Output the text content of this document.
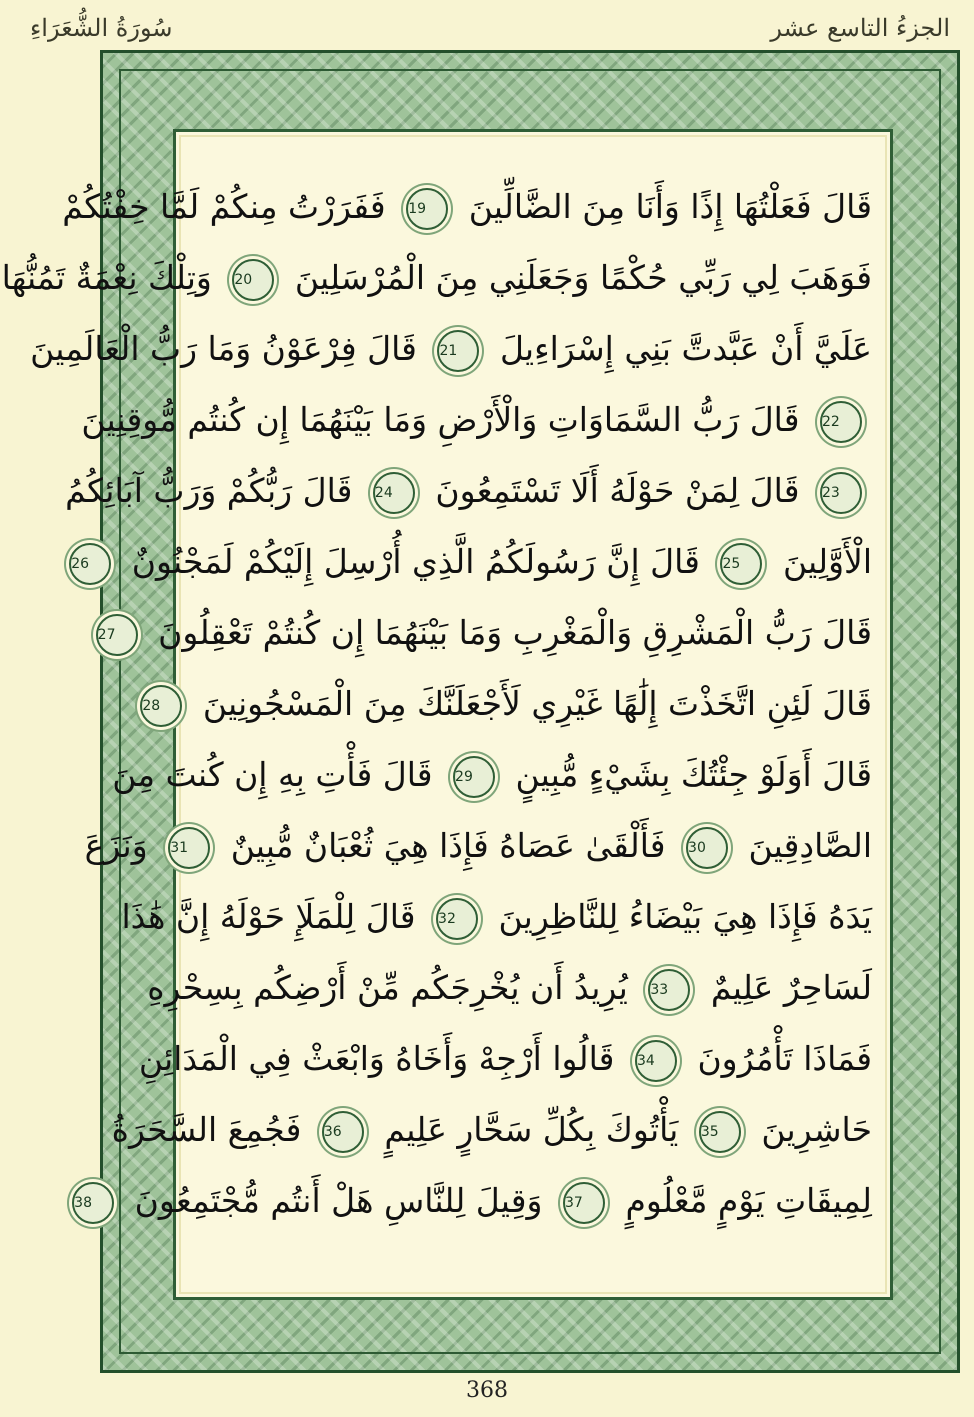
سُورَةُ الشُّعَرَاءِ	الجزءُ التاسع عشر
قَالَ فَعَلْتُهَا إِذًا وَأَنَا مِنَ الضَّالِّينَ 19 فَفَرَرْتُ مِنكُمْ لَمَّا خِفْتُكُمْ
فَوَهَبَ لِي رَبِّي حُكْمًا وَجَعَلَنِي مِنَ الْمُرْسَلِينَ 20 وَتِلْكَ نِعْمَةٌ تَمُنُّهَا
عَلَيَّ أَنْ عَبَّدتَّ بَنِي إِسْرَاءِيلَ 21 قَالَ فِرْعَوْنُ وَمَا رَبُّ الْعَالَمِينَ
22 قَالَ رَبُّ السَّمَاوَاتِ وَالْأَرْضِ وَمَا بَيْنَهُمَا إِن كُنتُم مُّوقِنِينَ
23 قَالَ لِمَنْ حَوْلَهُ أَلَا تَسْتَمِعُونَ 24 قَالَ رَبُّكُمْ وَرَبُّ آبَائِكُمُ
الْأَوَّلِينَ 25 قَالَ إِنَّ رَسُولَكُمُ الَّذِي أُرْسِلَ إِلَيْكُمْ لَمَجْنُونٌ 26
قَالَ رَبُّ الْمَشْرِقِ وَالْمَغْرِبِ وَمَا بَيْنَهُمَا إِن كُنتُمْ تَعْقِلُونَ 27
قَالَ لَئِنِ اتَّخَذْتَ إِلَٰهًا غَيْرِي لَأَجْعَلَنَّكَ مِنَ الْمَسْجُونِينَ 28
قَالَ أَوَلَوْ جِئْتُكَ بِشَيْءٍ مُّبِينٍ 29 قَالَ فَأْتِ بِهِ إِن كُنتَ مِنَ
الصَّادِقِينَ 30 فَأَلْقَىٰ عَصَاهُ فَإِذَا هِيَ ثُعْبَانٌ مُّبِينٌ 31 وَنَزَعَ
يَدَهُ فَإِذَا هِيَ بَيْضَاءُ لِلنَّاظِرِينَ 32 قَالَ لِلْمَلَإِ حَوْلَهُ إِنَّ هَٰذَا
لَسَاحِرٌ عَلِيمٌ 33 يُرِيدُ أَن يُخْرِجَكُم مِّنْ أَرْضِكُم بِسِحْرِهِ
فَمَاذَا تَأْمُرُونَ 34 قَالُوا أَرْجِهْ وَأَخَاهُ وَابْعَثْ فِي الْمَدَائِنِ
حَاشِرِينَ 35 يَأْتُوكَ بِكُلِّ سَحَّارٍ عَلِيمٍ 36 فَجُمِعَ السَّحَرَةُ
لِمِيقَاتِ يَوْمٍ مَّعْلُومٍ 37 وَقِيلَ لِلنَّاسِ هَلْ أَنتُم مُّجْتَمِعُونَ 38
368
